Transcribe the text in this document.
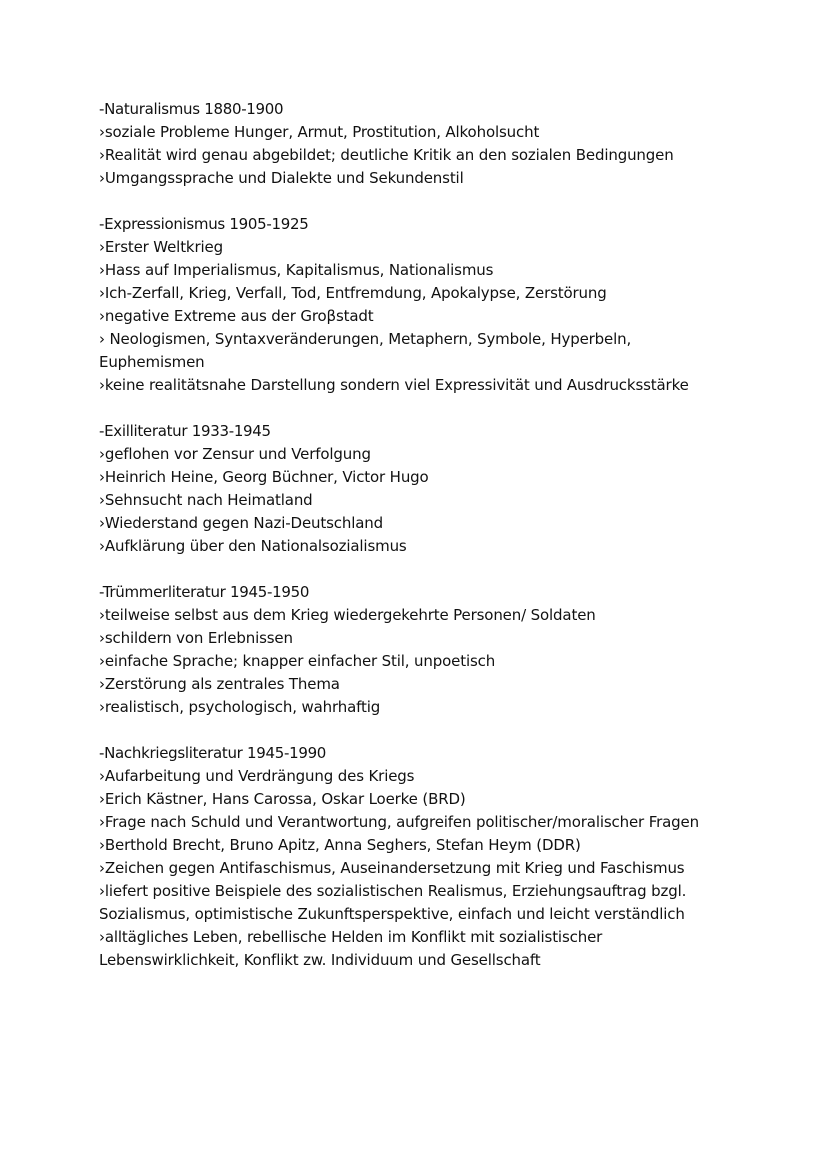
-Naturalismus 1880-1900
›soziale Probleme Hunger, Armut, Prostitution, Alkoholsucht
›Realität wird genau abgebildet; deutliche Kritik an den sozialen Bedingungen
›Umgangssprache und Dialekte und Sekundenstil
-Expressionismus 1905-1925
›Erster Weltkrieg
›Hass auf Imperialismus, Kapitalismus, Nationalismus
›Ich-Zerfall, Krieg, Verfall, Tod, Entfremdung, Apokalypse, Zerstörung
›negative Extreme aus der Groβstadt
› Neologismen, Syntaxveränderungen, Metaphern, Symbole, Hyperbeln,
Euphemismen
›keine realitätsnahe Darstellung sondern viel Expressivität und Ausdrucksstärke
-Exilliteratur 1933-1945
›geflohen vor Zensur und Verfolgung
›Heinrich Heine, Georg Büchner, Victor Hugo
›Sehnsucht nach Heimatland
›Wiederstand gegen Nazi-Deutschland
›Aufklärung über den Nationalsozialismus
-Trümmerliteratur 1945-1950
›teilweise selbst aus dem Krieg wiedergekehrte Personen/ Soldaten
›schildern von Erlebnissen
›einfache Sprache; knapper einfacher Stil, unpoetisch
›Zerstörung als zentrales Thema
›realistisch, psychologisch, wahrhaftig
-Nachkriegsliteratur 1945-1990
›Aufarbeitung und Verdrängung des Kriegs
›Erich Kästner, Hans Carossa, Oskar Loerke (BRD)
›Frage nach Schuld und Verantwortung, aufgreifen politischer/moralischer Fragen
›Berthold Brecht, Bruno Apitz, Anna Seghers, Stefan Heym (DDR)
›Zeichen gegen Antifaschismus, Auseinandersetzung mit Krieg und Faschismus
›liefert positive Beispiele des sozialistischen Realismus, Erziehungsauftrag bzgl.
Sozialismus, optimistische Zukunftsperspektive, einfach und leicht verständlich
›alltägliches Leben, rebellische Helden im Konflikt mit sozialistischer
Lebenswirklichkeit, Konflikt zw. Individuum und Gesellschaft
